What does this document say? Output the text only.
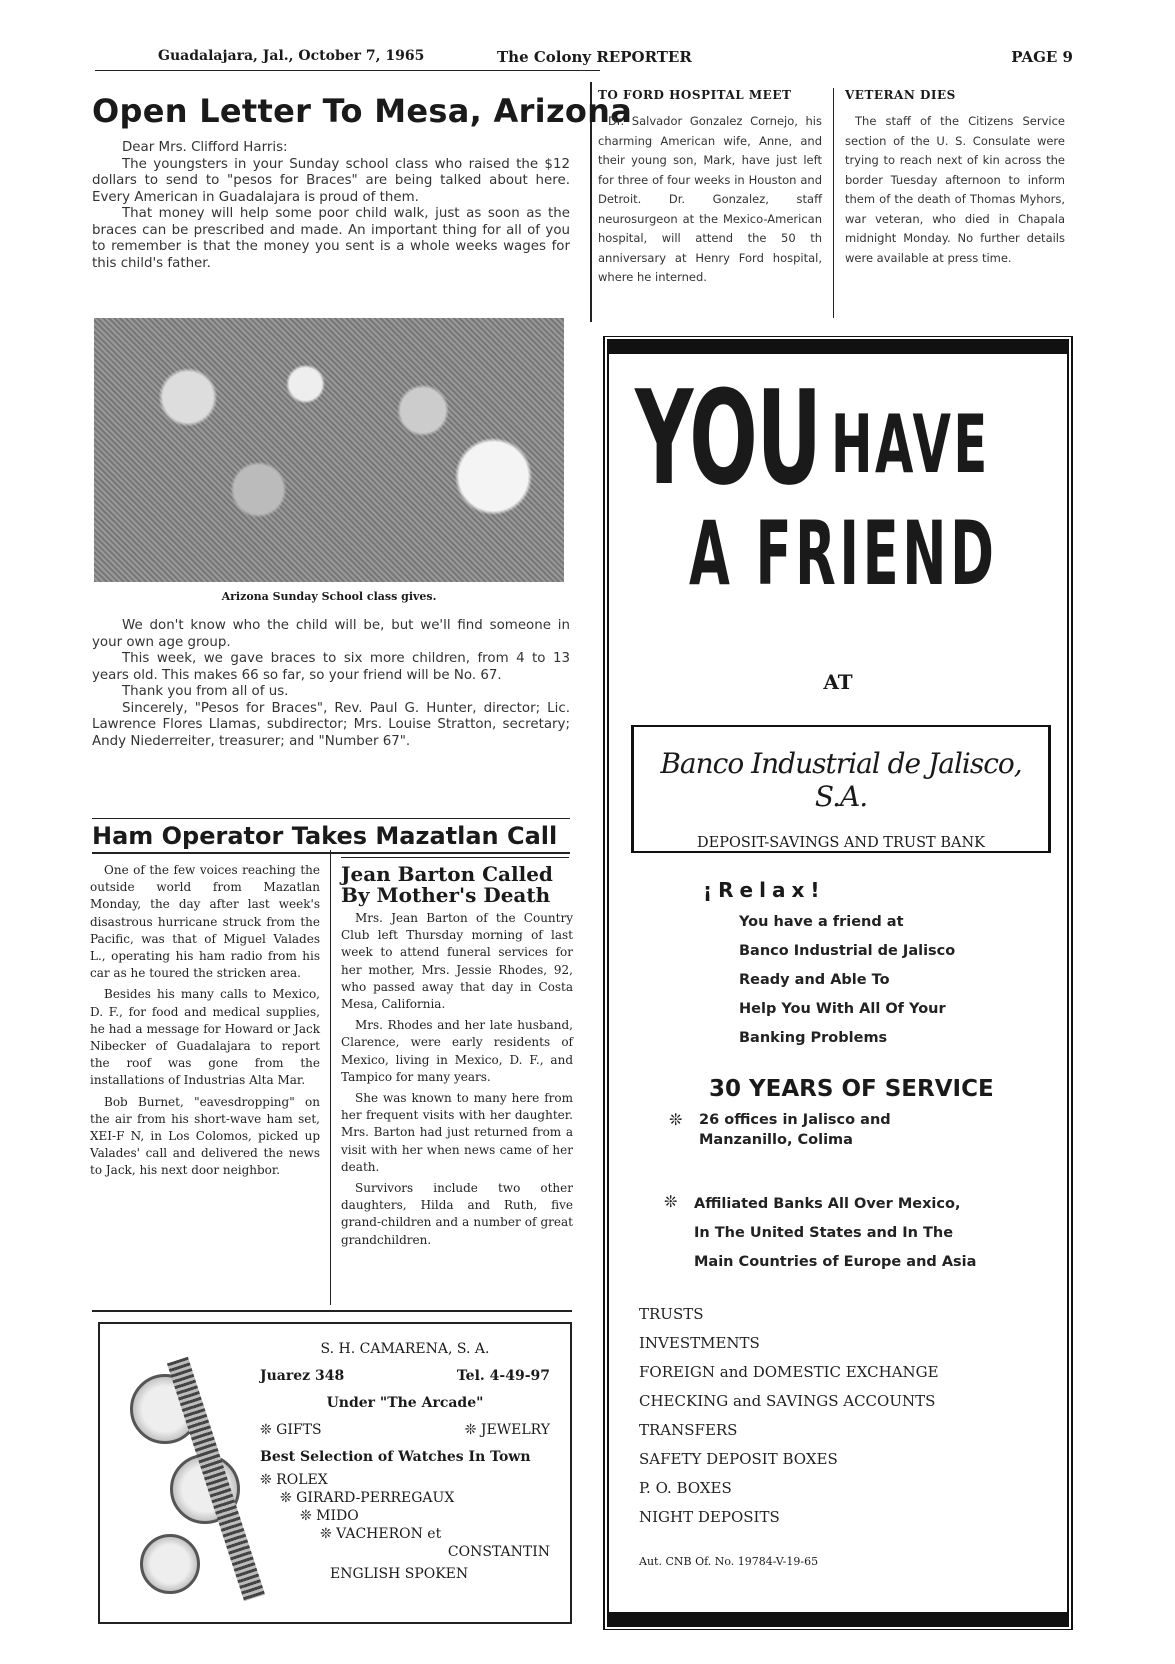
Guadalajara, Jal., October 7, 1965	The Colony REPORTER	PAGE 9
Open Letter To Mesa, Arizona

Dear Mrs. Clifford Harris:

The youngsters in your Sunday school class who raised the $12 dollars to send to "pesos for Braces" are being talked about here. Every American in Guadalajara is proud of them.

That money will help some poor child walk, just as soon as the braces can be prescribed and made. An important thing for all of you to remember is that the money you sent is a whole weeks wages for this child's father.

Arizona Sunday School class gives.

We don't know who the child will be, but we'll find someone in your own age group.

This week, we gave braces to six more children, from 4 to 13 years old. This makes 66 so far, so your friend will be No. 67.

Thank you from all of us.

Sincerely, "Pesos for Braces", Rev. Paul G. Hunter, director; Lic. Lawrence Flores Llamas, subdirector; Mrs. Louise Stratton, secretary; Andy Niederreiter, treasurer; and "Number 67".

Ham Operator Takes Mazatlan Call

One of the few voices reaching the outside world from Mazatlan Monday, the day after last week's disastrous hurricane struck from the Pacific, was that of Miguel Valades L., operating his ham radio from his car as he toured the stricken area.

Besides his many calls to Mexico, D. F., for food and medical supplies, he had a message for Howard or Jack Nibecker of Guadalajara to report the roof was gone from the installations of Industrias Alta Mar.

Bob Burnet, "eavesdropping" on the air from his short-wave ham set, XEI-F N, in Los Colomos, picked up Valades' call and delivered the news to Jack, his next door neighbor.

Jean Barton Called By Mother's Death

Mrs. Jean Barton of the Country Club left Thursday morning of last week to attend funeral services for her mother, Mrs. Jessie Rhodes, 92, who passed away that day in Costa Mesa, California.

Mrs. Rhodes and her late husband, Clarence, were early residents of Mexico, living in Mexico, D. F., and Tampico for many years.

She was known to many here from her frequent visits with her daughter. Mrs. Barton had just returned from a visit with her when news came of her death.

Survivors include two other daughters, Hilda and Ruth, five grand-children and a number of great grandchildren.

S. H. CAMARENA, S. A.
Juarez 348	Tel. 4-49-97
Under "The Arcade"
❊ GIFTS	❊ JEWELRY
Best Selection of Watches In Town
❊ ROLEX
❊ GIRARD-PERREGAUX
❊ MIDO
❊ VACHERON et
CONSTANTIN
ENGLISH SPOKEN
TO FORD HOSPITAL MEET
Dr. Salvador Gonzalez Cornejo, his charming American wife, Anne, and their young son, Mark, have just left for three of four weeks in Houston and Detroit. Dr. Gonzalez, staff neurosurgeon at the Mexico-American hospital, will attend the 50 th anniversary at Henry Ford hospital, where he interned.
VETERAN DIES
The staff of the Citizens Service section of the U. S. Consulate were trying to reach next of kin across the border Tuesday afternoon to inform them of the death of Thomas Myhors, war veteran, who died in Chapala midnight Monday. No further details were available at press time.
YOU HAVE
A FRIEND
AT
Banco Industrial de Jalisco, S.A.
DEPOSIT-SAVINGS AND TRUST BANK
¡Relax!
You have a friend at
Banco Industrial de Jalisco
Ready and Able To
Help You With All Of Your
Banking Problems
30 YEARS OF SERVICE
❊ 26 offices in Jalisco and
Manzanillo, Colima
❊ Affiliated Banks All Over Mexico,
In The United States and In The
Main Countries of Europe and Asia
TRUSTS
INVESTMENTS
FOREIGN and DOMESTIC EXCHANGE
CHECKING and SAVINGS ACCOUNTS
TRANSFERS
SAFETY DEPOSIT BOXES
P. O. BOXES
NIGHT DEPOSITS
Aut. CNB Of. No. 19784-V-19-65
